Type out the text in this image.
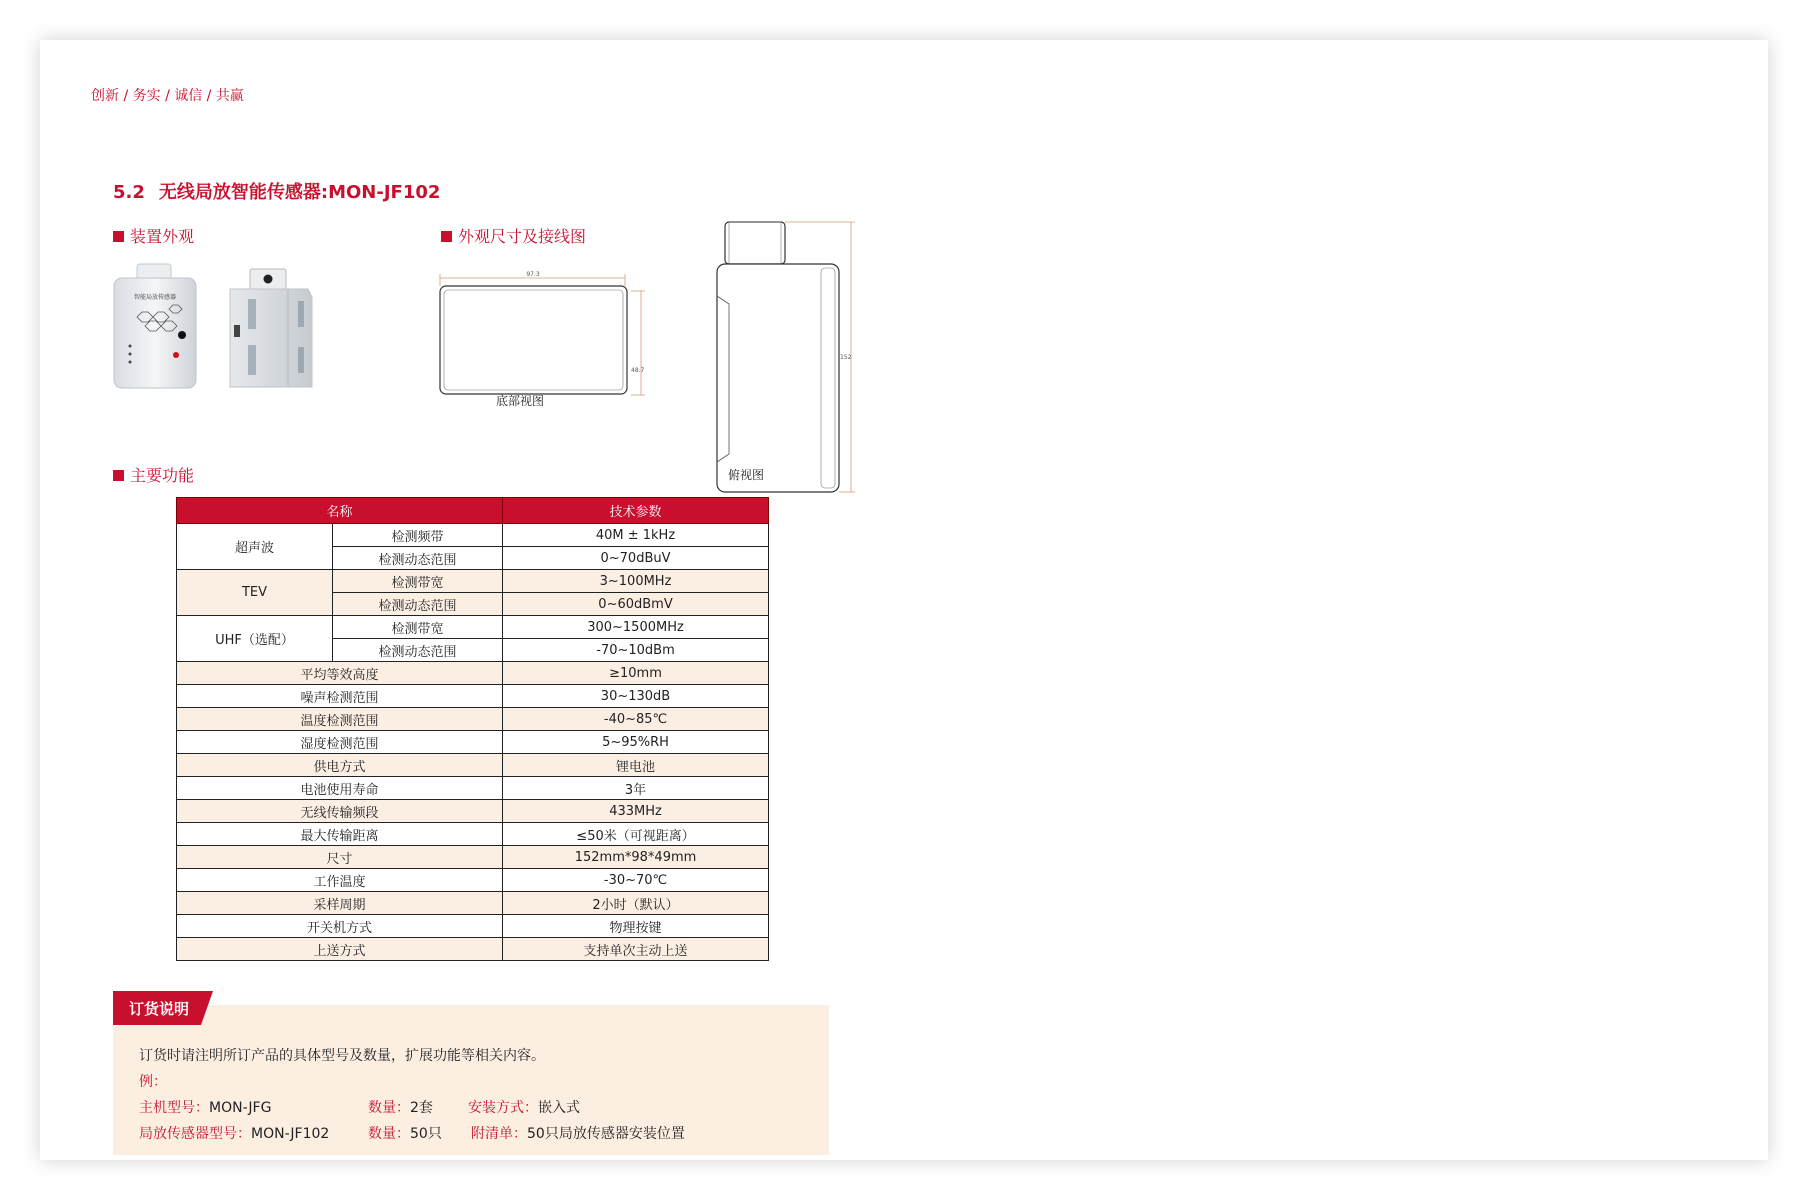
创新 / 务实 / 诚信 / 共赢
5.2 无线局放智能传感器:MON-JF102
装置外观	外观尺寸及接线图
主要功能
智能局放传感器
97.3
48.7
152
底部视图
俯视图
名称		技术参数
超声波	检测频带	40M ± 1kHz
	检测动态范围	0~70dBuV
TEV	检测带宽	3~100MHz
	检测动态范围	0~60dBmV
UHF（选配）	检测带宽	300~1500MHz
	检测动态范围	-70~10dBm
平均等效高度		≥10mm
噪声检测范围		30~130dB
温度检测范围		-40~85℃
湿度检测范围		5~95%RH
供电方式		锂电池
电池使用寿命		3年
无线传输频段		433MHz
最大传输距离		≤50米（可视距离）
尺寸		152mm*98*49mm
工作温度		-30~70℃
采样周期		2小时（默认）
开关机方式		物理按键
上送方式		支持单次主动上送
订货说明
订货时请注明所订产品的具体型号及数量，扩展功能等相关内容。
例：
主机型号：MON-JFG	数量：2套	安装方式：嵌入式
局放传感器型号：MON-JF102	数量：50只 附清单：50只局放传感器安装位置
